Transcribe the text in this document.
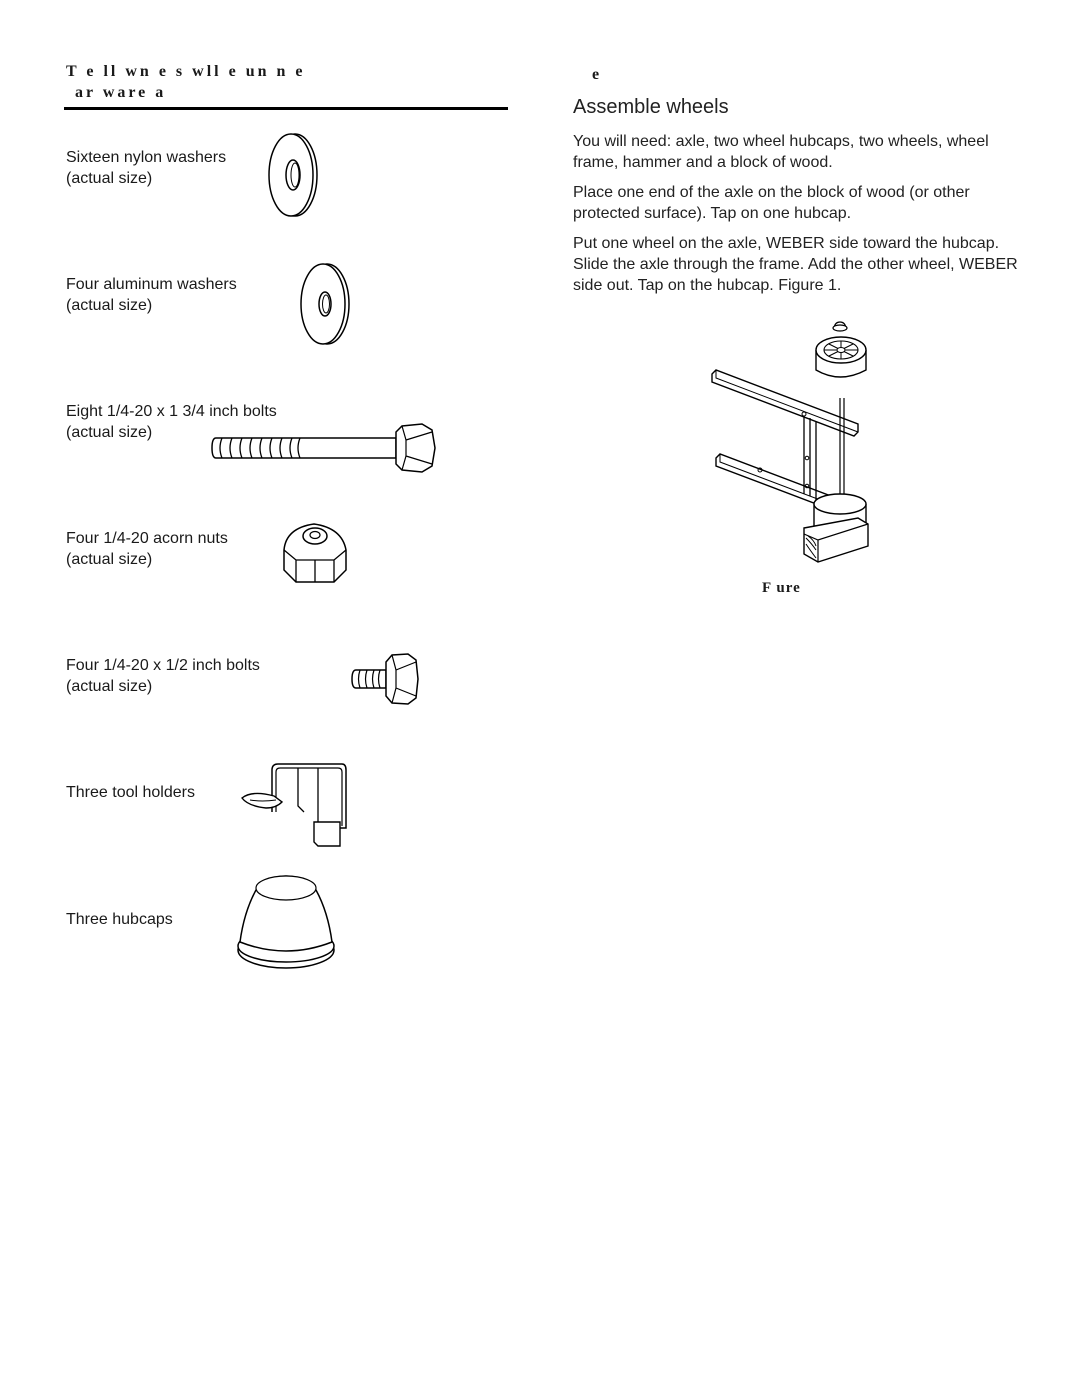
T e ll wn e s wll e un n e
ar ware a
Sixteen nylon washers
(actual size)
Four aluminum washers
(actual size)
Eight 1/4-20 x 1 3/4 inch bolts
(actual size)
Four 1/4-20 acorn nuts
(actual size)
Four 1/4-20 x 1/2 inch bolts
(actual size)
Three tool holders
Three hubcaps
e
Assemble wheels
You will need: axle, two wheel hubcaps, two wheels, wheel frame, hammer and a block of wood.
Place one end of the axle on the block of wood (or other protected surface). Tap on one hubcap.
Put one wheel on the axle, WEBER side toward the hubcap. Slide the axle through the frame. Add the other wheel, WEBER side out. Tap on the hubcap. Figure 1.
F ure
